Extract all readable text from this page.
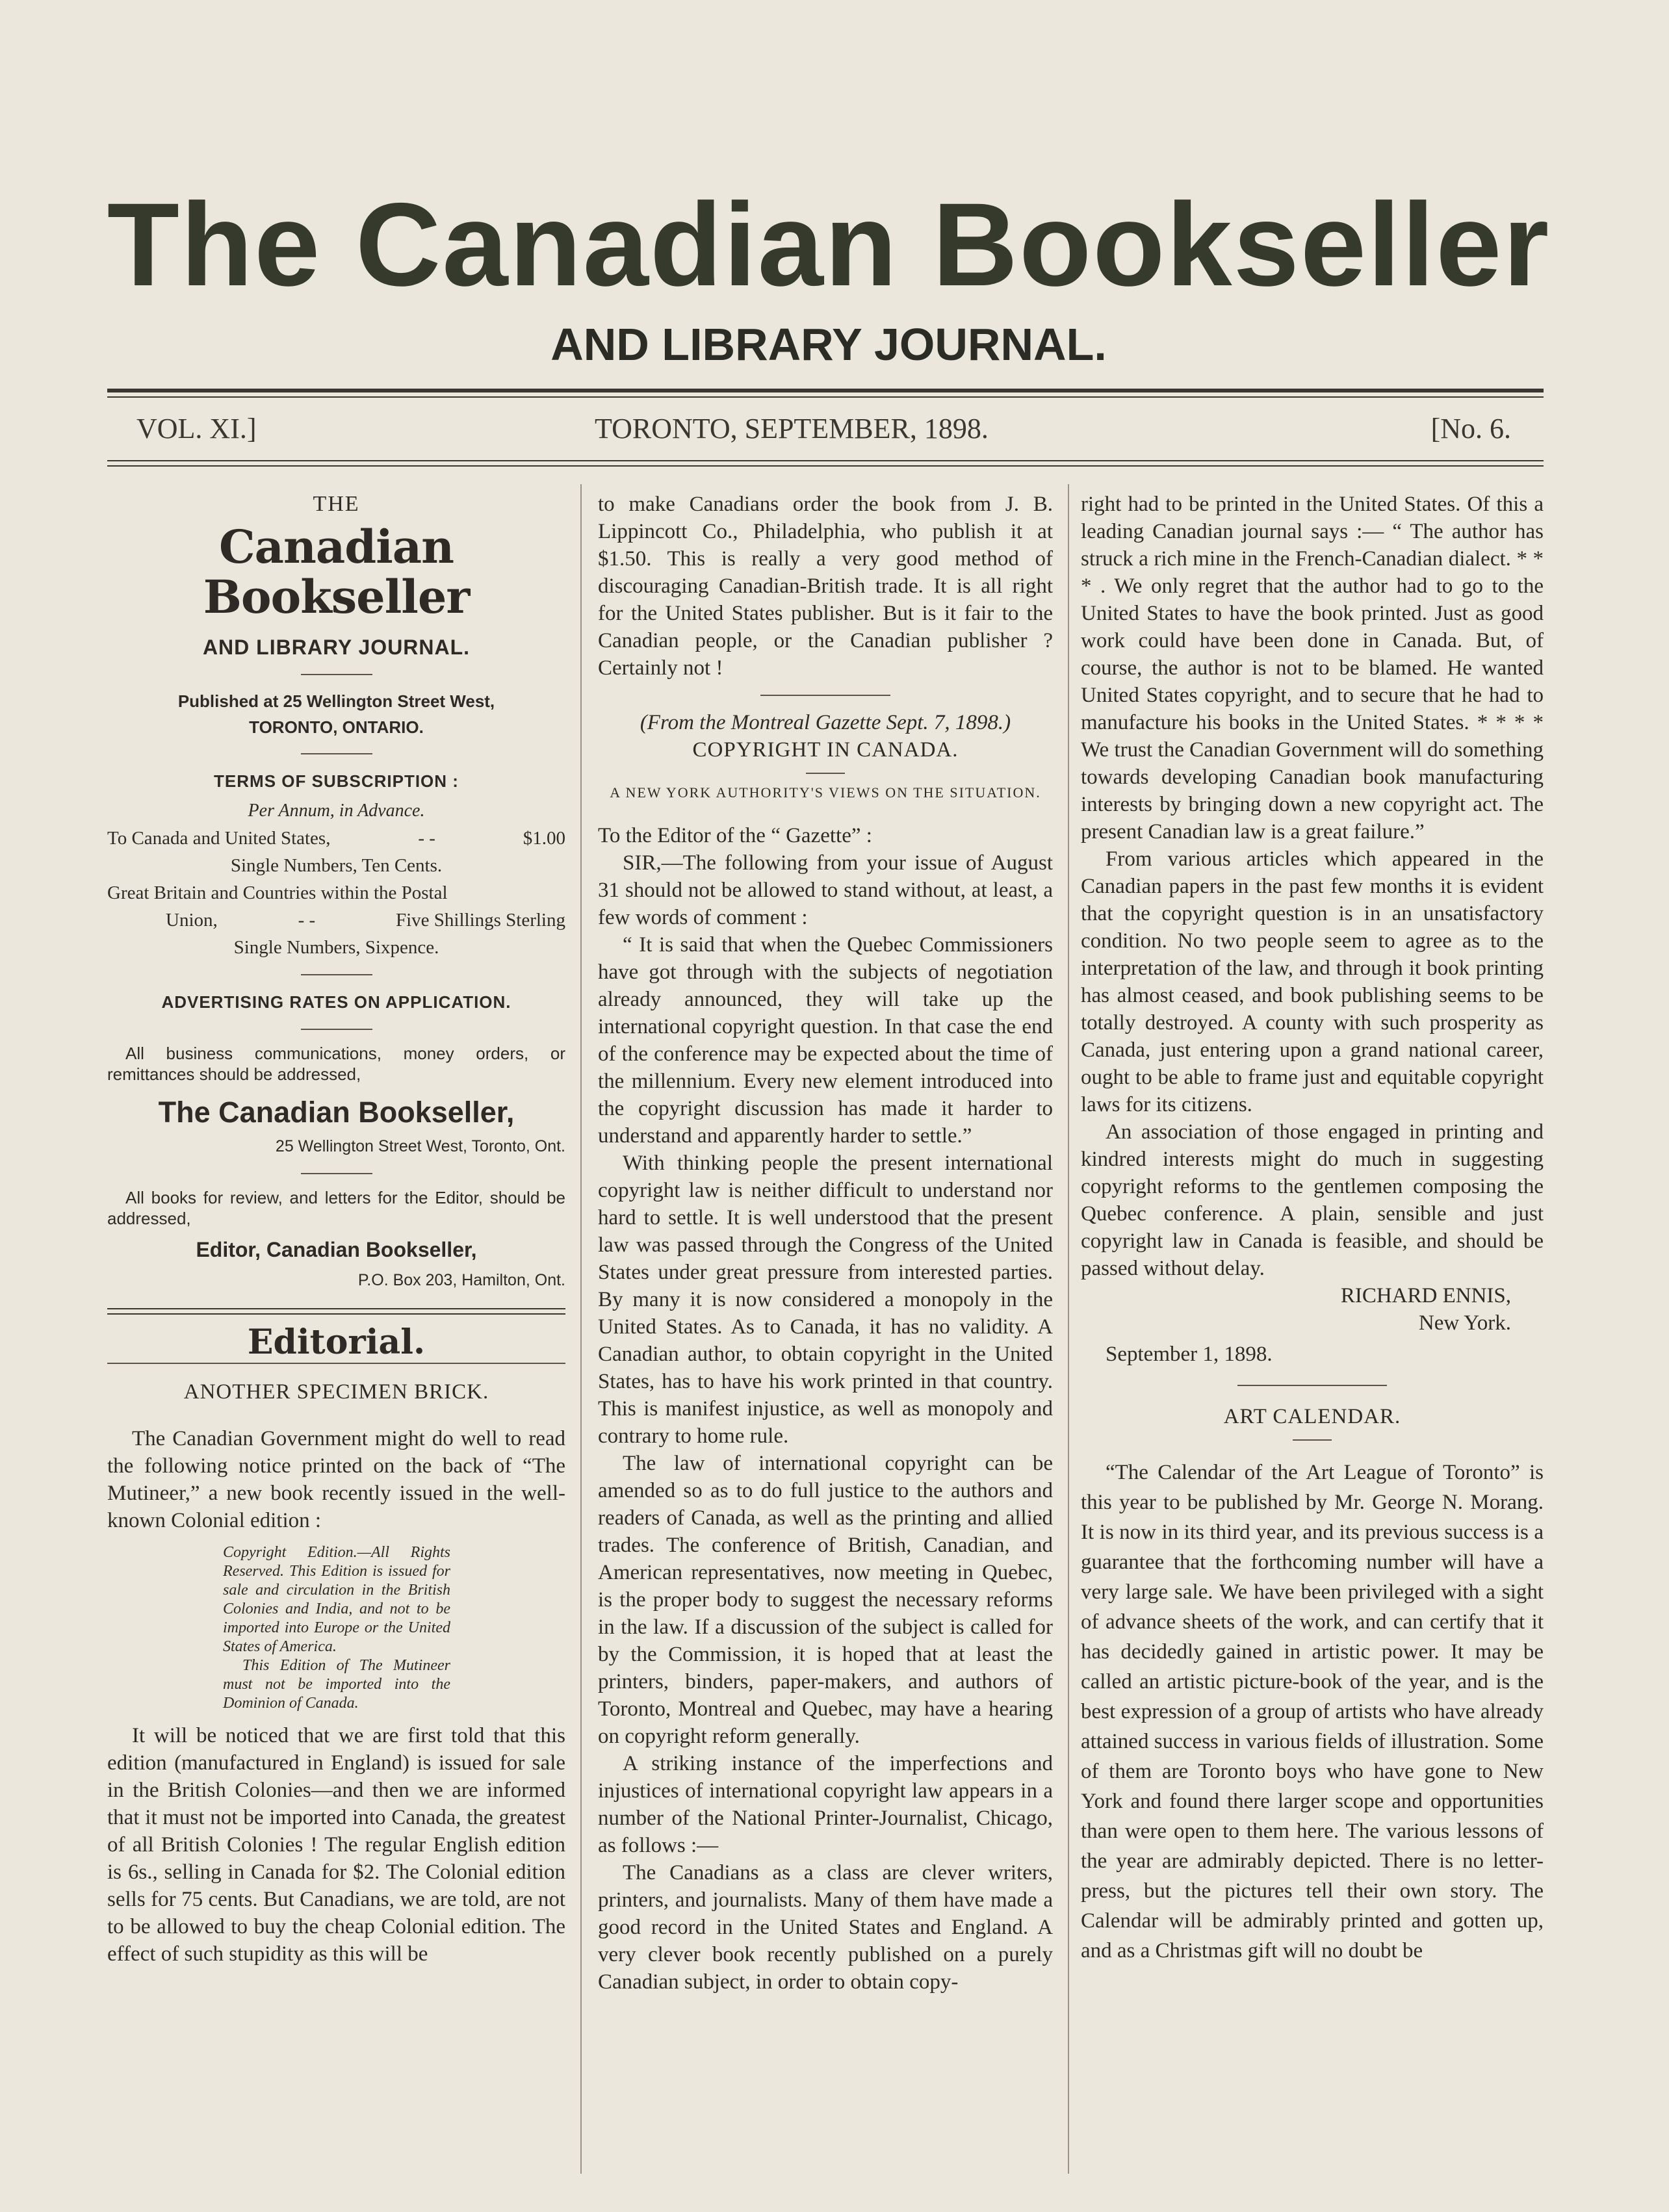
The Canadian Bookseller
AND LIBRARY JOURNAL.
VOL. XI.]	TORONTO, SEPTEMBER, 1898.	[No. 6.
THE
Canadian Bookseller
AND LIBRARY JOURNAL.
Published at 25 Wellington Street West,
TORONTO, ONTARIO.
TERMS OF SUBSCRIPTION :
Per Annum, in Advance.
To Canada and United States,	- -	$1.00
Single Numbers, Ten Cents.
Great Britain and Countries within the Postal
Union,	- -	Five Shillings Sterling
Single Numbers, Sixpence.
ADVERTISING RATES ON APPLICATION.

All business communications, money orders, or remittances should be addressed,

The Canadian Bookseller,
25 Wellington Street West, Toronto, Ont.

All books for review, and letters for the Editor, should be addressed,

Editor, Canadian Bookseller,
P.O. Box 203, Hamilton, Ont.
Editorial.
ANOTHER SPECIMEN BRICK.

The Canadian Government might do well to read the following notice printed on the back of “The Mutineer,” a new book recently issued in the well-known Colonial edition :

Copyright Edition.—All Rights Reserved. This Edition is issued for sale and circulation in the British Colonies and India, and not to be imported into Europe or the United States of America.

This Edition of The Mutineer must not be imported into the Dominion of Canada.

It will be noticed that we are first told that this edition (manufactured in England) is issued for sale in the British Colonies—and then we are informed that it must not be imported into Canada, the greatest of all British Colonies ! The regular English edition is 6s., selling in Canada for $2. The Colonial edition sells for 75 cents. But Canadians, we are told, are not to be allowed to buy the cheap Colonial edition. The effect of such stupidity as this will be

to make Canadians order the book from J. B. Lippincott Co., Philadelphia, who publish it at $1.50. This is really a very good method of discouraging Canadian-British trade. It is all right for the United States publisher. But is it fair to the Canadian people, or the Canadian publisher ? Certainly not !

(From the Montreal Gazette Sept. 7, 1898.)
COPYRIGHT IN CANADA.
A NEW YORK AUTHORITY'S VIEWS ON THE SITUATION.

To the Editor of the “ Gazette” :

SIR,—The following from your issue of August 31 should not be allowed to stand without, at least, a few words of comment :

“ It is said that when the Quebec Commissioners have got through with the subjects of negotiation already announced, they will take up the international copyright question. In that case the end of the conference may be expected about the time of the millennium. Every new element introduced into the copyright discussion has made it harder to understand and apparently harder to settle.”

With thinking people the present international copyright law is neither difficult to understand nor hard to settle. It is well understood that the present law was passed through the Congress of the United States under great pressure from interested parties. By many it is now considered a monopoly in the United States. As to Canada, it has no validity. A Canadian author, to obtain copyright in the United States, has to have his work printed in that country. This is manifest injustice, as well as monopoly and contrary to home rule.

The law of international copyright can be amended so as to do full justice to the authors and readers of Canada, as well as the printing and allied trades. The conference of British, Canadian, and American representatives, now meeting in Quebec, is the proper body to suggest the necessary reforms in the law. If a discussion of the subject is called for by the Commission, it is hoped that at least the printers, binders, paper-makers, and authors of Toronto, Montreal and Quebec, may have a hearing on copyright reform generally.

A striking instance of the imperfections and injustices of international copyright law appears in a number of the National Printer-Journalist, Chicago, as follows :—

The Canadians as a class are clever writers, printers, and journalists. Many of them have made a good record in the United States and England. A very clever book recently published on a purely Canadian subject, in order to obtain copy-

right had to be printed in the United States. Of this a leading Canadian journal says :— “ The author has struck a rich mine in the French-Canadian dialect. * * * . We only regret that the author had to go to the United States to have the book printed. Just as good work could have been done in Canada. But, of course, the author is not to be blamed. He wanted United States copyright, and to secure that he had to manufacture his books in the United States. * * * * We trust the Canadian Government will do something towards developing Canadian book manufacturing interests by bringing down a new copyright act. The present Canadian law is a great failure.”

From various articles which appeared in the Canadian papers in the past few months it is evident that the copyright question is in an unsatisfactory condition. No two people seem to agree as to the interpretation of the law, and through it book printing has almost ceased, and book publishing seems to be totally destroyed. A county with such prosperity as Canada, just entering upon a grand national career, ought to be able to frame just and equitable copyright laws for its citizens.

An association of those engaged in printing and kindred interests might do much in suggesting copyright reforms to the gentlemen composing the Quebec conference. A plain, sensible and just copyright law in Canada is feasible, and should be passed without delay.

RICHARD ENNIS,
New York.
September 1, 1898.
ART CALENDAR.

“The Calendar of the Art League of Toronto” is this year to be published by Mr. George N. Morang. It is now in its third year, and its previous success is a guarantee that the forthcoming number will have a very large sale. We have been privileged with a sight of advance sheets of the work, and can certify that it has decidedly gained in artistic power. It may be called an artistic picture-book of the year, and is the best expression of a group of artists who have already attained success in various fields of illustration. Some of them are Toronto boys who have gone to New York and found there larger scope and opportunities than were open to them here. The various lessons of the year are admirably depicted. There is no letter-press, but the pictures tell their own story. The Calendar will be admirably printed and gotten up, and as a Christmas gift will no doubt be
